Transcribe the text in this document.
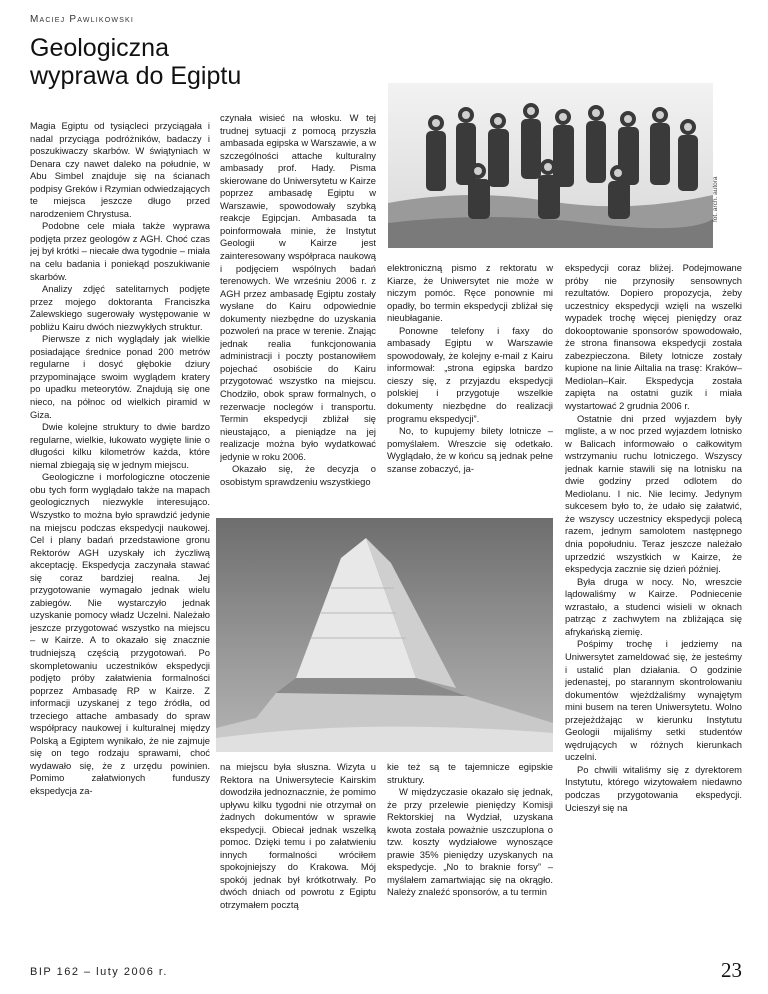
Maciej Pawlikowski
Geologiczna
wyprawa do Egiptu
fot. arch. autora

Magia Egiptu od tysiącleci przyciągała i nadal przyciąga podróżników, badaczy i poszukiwaczy skarbów. W świątyniach w Denara czy nawet daleko na południe, w Abu Simbel znajduje się na ścianach podpisy Greków i Rzymian odwiedzających te miejsca jeszcze długo przed narodzeniem Chrystusa.

Podobne cele miała także wyprawa podjęta przez geologów z AGH. Choć czas jej był krótki – niecałe dwa tygodnie – miała na celu badania i poniekąd poszukiwanie skarbów.

Analizy zdjęć satelitarnych podjęte przez mojego doktoranta Franciszka Zalewskiego sugerowały występowanie w pobliżu Kairu dwóch niezwykłych struktur.

Pierwsze z nich wyglądały jak wielkie posiadające średnice ponad 200 metrów regularne i dosyć głębokie dziury przypominające swoim wyglądem kratery po upadku meteorytów. Znajdują się one nieco, na północ od wielkich piramid w Giza.

Dwie kolejne struktury to dwie bardzo regularne, wielkie, łukowato wygięte linie o długości kilku kilometrów każda, które niemal zbiegają się w jednym miejscu.

Geologiczne i morfologiczne otoczenie obu tych form wyglądało także na mapach geologicznych niezwykle interesująco. Wszystko to można było sprawdzić jedynie na miejscu podczas ekspedycji naukowej. Cel i plany badań przedstawione gronu Rektorów AGH uzyskały ich życzliwą akceptację. Ekspedycja zaczynała stawać się coraz bardziej realna. Jej przygotowanie wymagało jednak wielu zabiegów. Nie wystarczyło jednak uzyskanie pomocy władz Uczelni. Należało jeszcze przygotować wszystko na miejscu – w Kairze. A to okazało się znacznie trudniejszą częścią przygotowań. Po skompletowaniu uczestników ekspedycji podjęto próby załatwienia formalności poprzez Ambasadę RP w Kairze. Z informacji uzyskanej z tego źródła, od trzeciego attache ambasady do spraw współpracy naukowej i kulturalnej między Polską a Egiptem wynikało, że nie zajmuje się on tego rodzaju sprawami, choć wydawało się, że z urzędu powinien. Pomimo załatwionych funduszy ekspedycja za-

czynała wisieć na włosku. W tej trudnej sytuacji z pomocą przyszła ambasada egipska w Warszawie, a w szczególności attache kulturalny ambasady prof. Hady. Pisma skierowane do Uniwersytetu w Kairze poprzez ambasadę Egiptu w Warszawie, spowodowały szybką reakcje Egipcjan. Ambasada ta poinformowała minie, że Instytut Geologii w Kairze jest zainteresowany współpraca naukową i podjęciem wspólnych badań terenowych. We wrześniu 2006 r. z AGH przez ambasadę Egiptu zostały wysłane do Kairu odpowiednie dokumenty niezbędne do uzyskania pozwoleń na prace w terenie. Znając jednak realia funkcjonowania administracji i poczty postanowiłem pojechać osobiście do Kairu przygotować wszystko na miejscu. Chodziło, obok spraw formalnych, o rezerwacje noclegów i transportu. Termin ekspedycji zbliżał się nieustająco, a pieniądze na jej realizacje można było wydatkować jedynie w roku 2006.

Okazało się, że decyzja o osobistym sprawdzeniu wszystkiego

na miejscu była słuszna. Wizyta u Rektora na Uniwersytecie Kairskim dowodziła jednoznacznie, że pomimo upływu kilku tygodni nie otrzymał on żadnych dokumentów w sprawie ekspedycji. Obiecał jednak wszelką pomoc. Dzięki temu i po załatwieniu innych formalności wróciłem spokojniejszy do Krakowa. Mój spokój jednak był krótkotrwały. Po dwóch dniach od powrotu z Egiptu otrzymałem pocztą

elektroniczną pismo z rektoratu w Kiarze, że Uniwersytet nie może w niczym pomóc. Ręce ponownie mi opadły, bo termin ekspedycji zbliżał się nieubłaganie.

Ponowne telefony i faxy do ambasady Egiptu w Warszawie spowodowały, że kolejny e-mail z Kairu informował: „strona egipska bardzo cieszy się, z przyjazdu ekspedycji polskiej i przygotuje wszelkie dokumenty niezbędne do realizacji programu ekspedycji”.

No, to kupujemy bilety lotnicze – pomyślałem. Wreszcie się odetkało. Wyglądało, że w końcu są jednak pełne szanse zobaczyć, ja-

kie też są te tajemnicze egipskie struktury.

W międzyczasie okazało się jednak, że przy przelewie pieniędzy Komisji Rektorskiej na Wydział, uzyskana kwota została poważnie uszczuplona o tzw. koszty wydziałowe wynoszące prawie 35% pieniędzy uzyskanych na ekspedycje. „No to braknie forsy” – myślałem zamartwiając się na okrągło. Należy znaleźć sponsorów, a tu termin

ekspedycji coraz bliżej. Podejmowane próby nie przynosiły sensownych rezultatów. Dopiero propozycja, żeby uczestnicy ekspedycji wzięli na wszelki wypadek trochę więcej pieniędzy oraz dokooptowanie sponsorów spowodowało, że strona finansowa ekspedycji została zabezpieczona. Bilety lotnicze zostały kupione na linie Ailtalia na trasę: Kraków–Mediolan–Kair. Ekspedycja została zapięta na ostatni guzik i miała wystartować 2 grudnia 2006 r.

Ostatnie dni przed wyjazdem były mgliste, a w noc przed wyjazdem lotnisko w Balicach informowało o całkowitym wstrzymaniu ruchu lotniczego. Wszyscy jednak karnie stawili się na lotnisku na dwie godziny przed odlotem do Mediolanu. I nic. Nie lecimy. Jedynym sukcesem było to, że udało się załatwić, że wszyscy uczestnicy ekspedycji polecą razem, jednym samolotem następnego dnia popołudniu. Teraz jeszcze należało uprzedzić wszystkich w Kairze, że ekspedycja zacznie się dzień później.

Była druga w nocy. No, wreszcie lądowaliśmy w Kairze. Podniecenie wzrastało, a studenci wisieli w oknach patrząc z zachwytem na zbliżająca się afrykańską ziemię.

Pośpimy trochę i jedziemy na Uniwersytet zameldować się, że jesteśmy i ustalić plan działania. O godzinie jedenastej, po starannym skontrolowaniu dokumentów wjeżdżaliśmy wynajętym mini busem na teren Uniwersytetu. Wolno przejeżdżając w kierunku Instytutu Geologii mijaliśmy setki studentów wędrujących w różnych kierunkach uczelni.

Po chwili witaliśmy się z dyrektorem Instytutu, którego wizytowałem niedawno podczas przygotowania ekspedycji. Ucieszył się na

BIP 162 – luty 2006 r.	23
